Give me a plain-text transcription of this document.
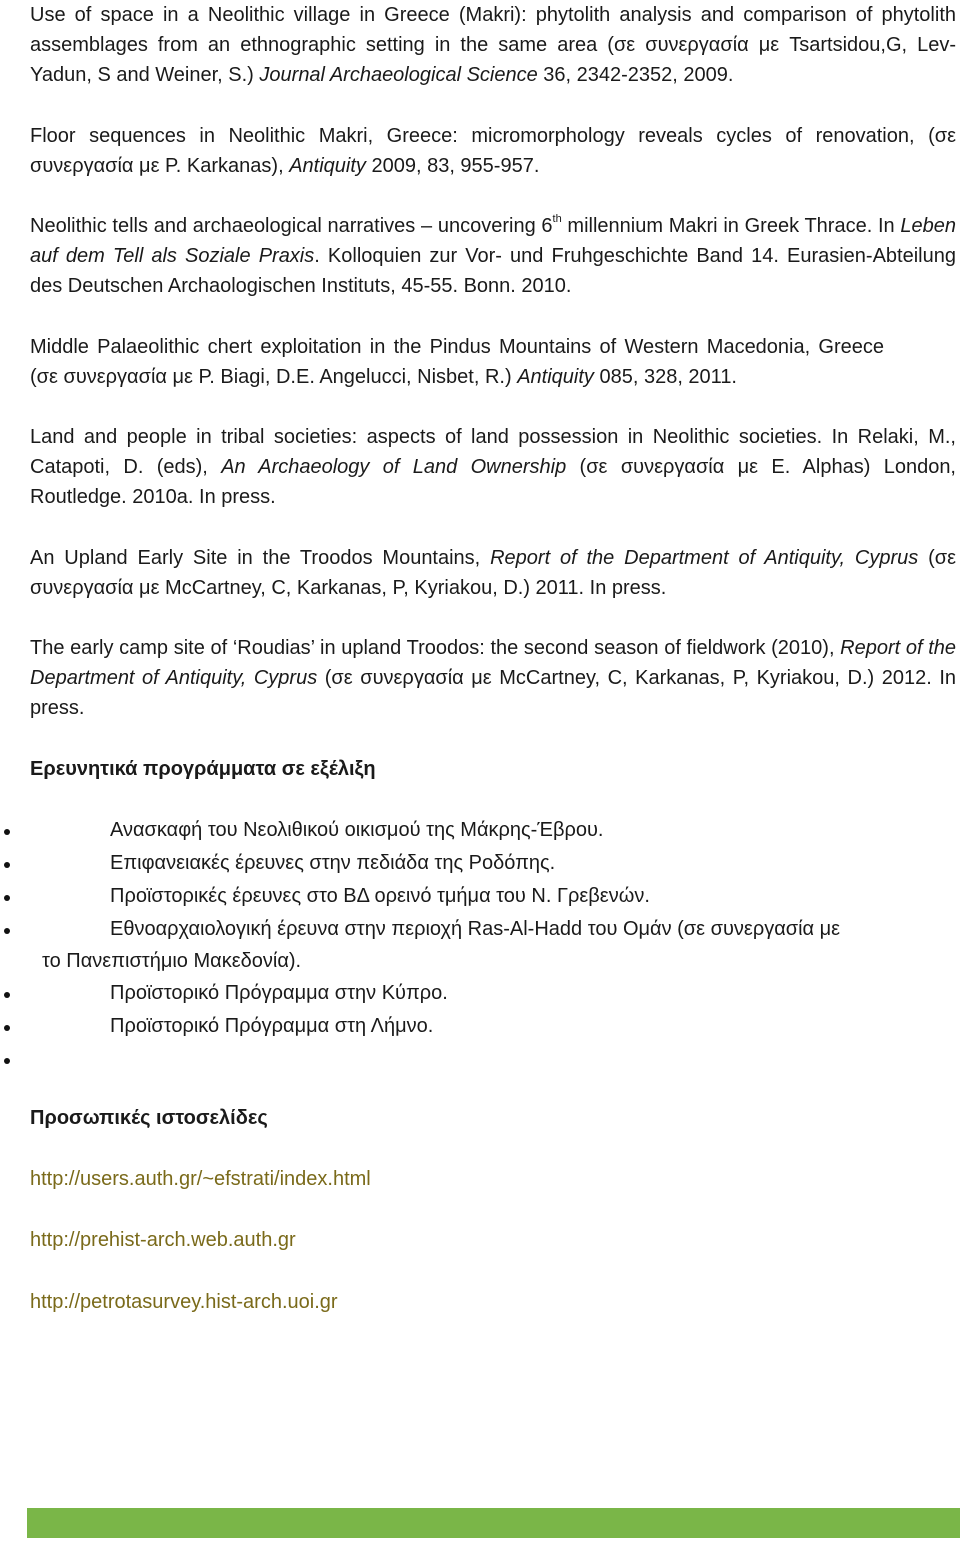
Use of space in a Neolithic village in Greece (Makri): phytolith analysis and comparison of phytolith assemblages from an ethnographic setting in the same area (σε συνεργασία με Tsartsidou,G, Lev-Yadun, S and Weiner, S.) Journal Archaeological Science 36, 2342-2352, 2009.

Floor sequences in Neolithic Makri, Greece: micromorphology reveals cycles of renovation, (σε συνεργασία με P. Karkanas), Antiquity 2009, 83, 955-957.

Neolithic tells and archaeological narratives – uncovering 6th millennium Makri in Greek Thrace. In Leben auf dem Tell als Soziale Praxis. Kolloquien zur Vor- und Fruhgeschichte Band 14. Eurasien-Abteilung des Deutschen Archaologischen Instituts, 45-55. Bonn. 2010.

Middle Palaeolithic chert exploitation in the Pindus Mountains of Western Macedonia, Greece (σε συνεργασία με P. Biagi, D.E. Angelucci, Nisbet, R.) Antiquity 085, 328, 2011.

Land and people in tribal societies: aspects of land possession in Neolithic societies. In Relaki, M., Catapoti, D. (eds), An Archaeology of Land Ownership (σε συνεργασία με E. Alphas) London, Routledge. 2010a. In press.

An Upland Early Site in the Troodos Mountains, Report of the Department of Antiquity, Cyprus (σε συνεργασία με McCartney, C, Karkanas, P, Kyriakou, D.) 2011. In press.

The early camp site of ‘Roudias’ in upland Troodos: the second season of fieldwork (2010), Report of the Department of Antiquity, Cyprus (σε συνεργασία με McCartney, C, Karkanas, P, Kyriakou, D.) 2012. In press.

Ερευνητικά προγράμματα σε εξέλιξη

Ανασκαφή του Νεολιθικού οικισμού της Μάκρης-Έβρου.
Επιφανειακές έρευνες στην πεδιάδα της Ροδόπης.
Προϊστορικές έρευνες στο ΒΔ ορεινό τμήμα του Ν. Γρεβενών.
Εθνοαρχαιολογική έρευνα στην περιοχή Ras-Al-Hadd του Ομάν (σε συνεργασία με
το Πανεπιστήμιο Μακεδονία).
Προϊστορικό Πρόγραμμα στην Κύπρο.
Προϊστορικό Πρόγραμμα στη Λήμνο.

Προσωπικές ιστοσελίδες

http://users.auth.gr/~efstrati/index.html
http://prehist-arch.web.auth.gr
http://petrotasurvey.hist-arch.uoi.gr
